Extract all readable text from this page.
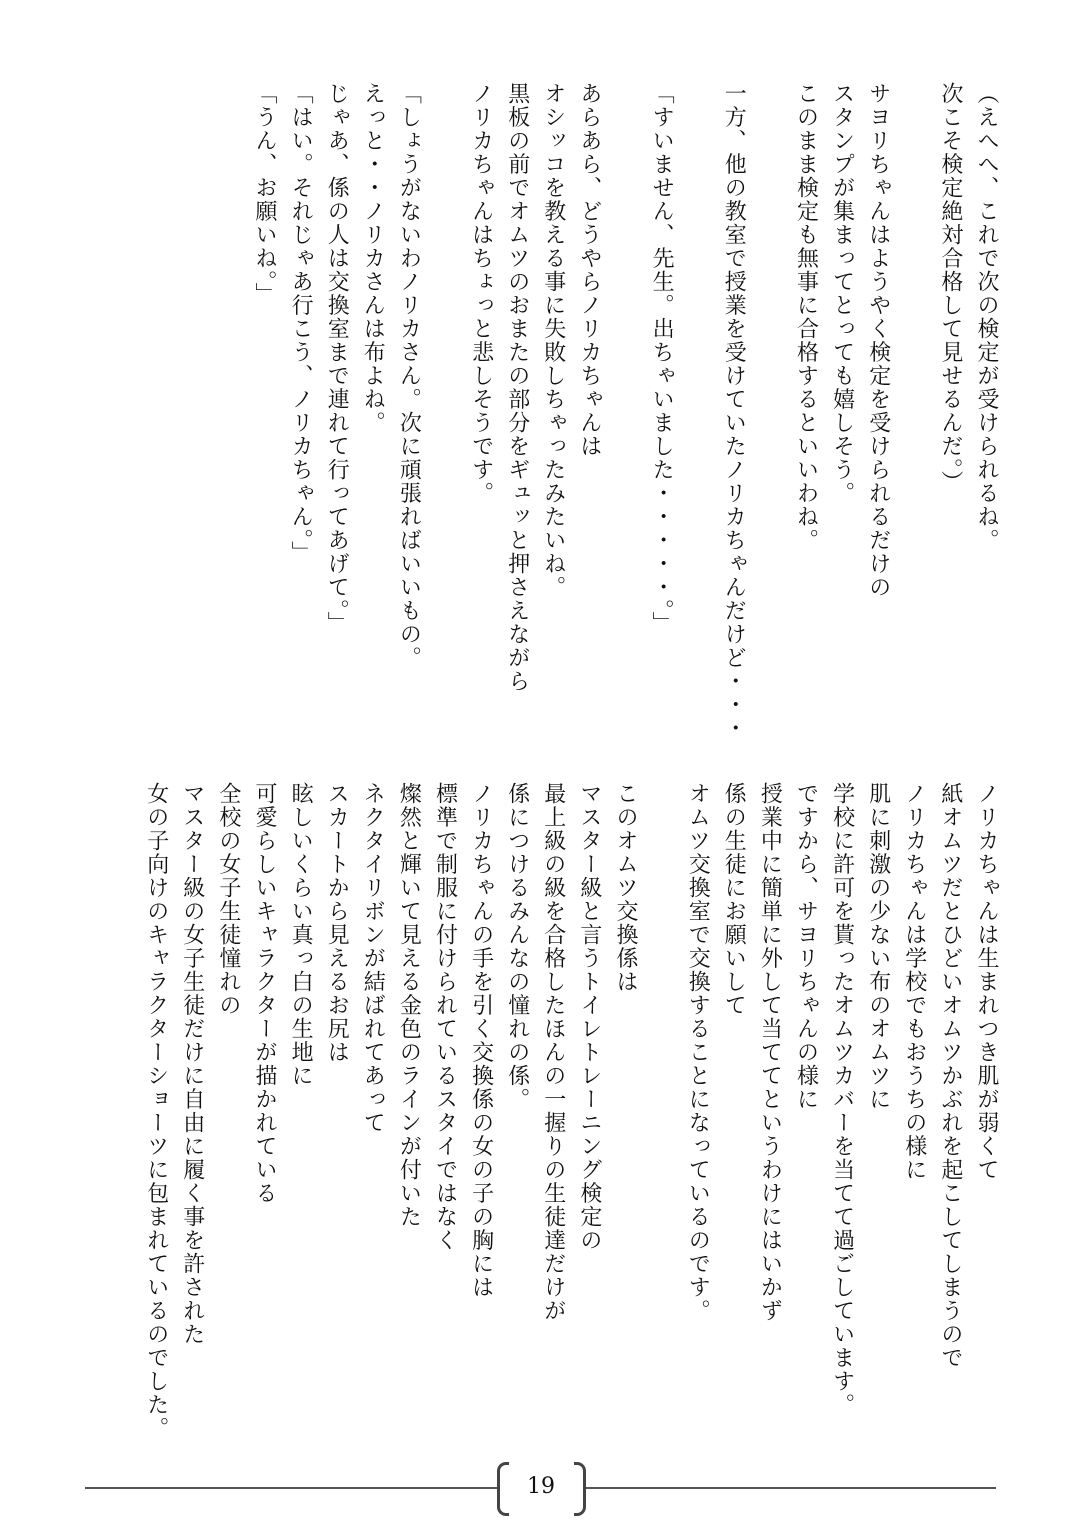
（えへへ、これで次の検定が受けられるね。
次こそ検定絶対合格して見せるんだ。）
サヨリちゃんはようやく検定を受けられるだけの
スタンプが集まってとっても嬉しそう。
このまま検定も無事に合格するといいわね。
一方、他の教室で授業を受けていたノリカちゃんだけど・・・
「すいません、先生。出ちゃいました・・・・・。」
あらあら、どうやらノリカちゃんは
オシッコを教える事に失敗しちゃったみたいね。
黒板の前でオムツのおまたの部分をギュッと押さえながら
ノリカちゃんはちょっと悲しそうです。
「しょうがないわノリカさん。次に頑張ればいいもの。
えっと・・ノリカさんは布よね。
じゃあ、係の人は交換室まで連れて行ってあげて。」
「はい。それじゃあ行こう、ノリカちゃん。」
「うん、お願いね。」
ノリカちゃんは生まれつき肌が弱くて
紙オムツだとひどいオムツかぶれを起こしてしまうので
ノリカちゃんは学校でもおうちの様に
肌に刺激の少ない布のオムツに
学校に許可を貰ったオムツカバーを当てて過ごしています。
ですから、サヨリちゃんの様に
授業中に簡単に外して当ててというわけにはいかず
係の生徒にお願いして
オムツ交換室で交換することになっているのです。
このオムツ交換係は
マスター級と言うトイレトレーニング検定の
最上級の級を合格したほんの一握りの生徒達だけが
係につけるみんなの憧れの係。
ノリカちゃんの手を引く交換係の女の子の胸には
標準で制服に付けられているスタイではなく
燦然と輝いて見える金色のラインが付いた
ネクタイリボンが結ばれてあって
スカートから見えるお尻は
眩しいくらい真っ白の生地に
可愛らしいキャラクターが描かれている
全校の女子生徒憧れの
マスター級の女子生徒だけに自由に履く事を許された
女の子向けのキャラクターショーツに包まれているのでした。
19
